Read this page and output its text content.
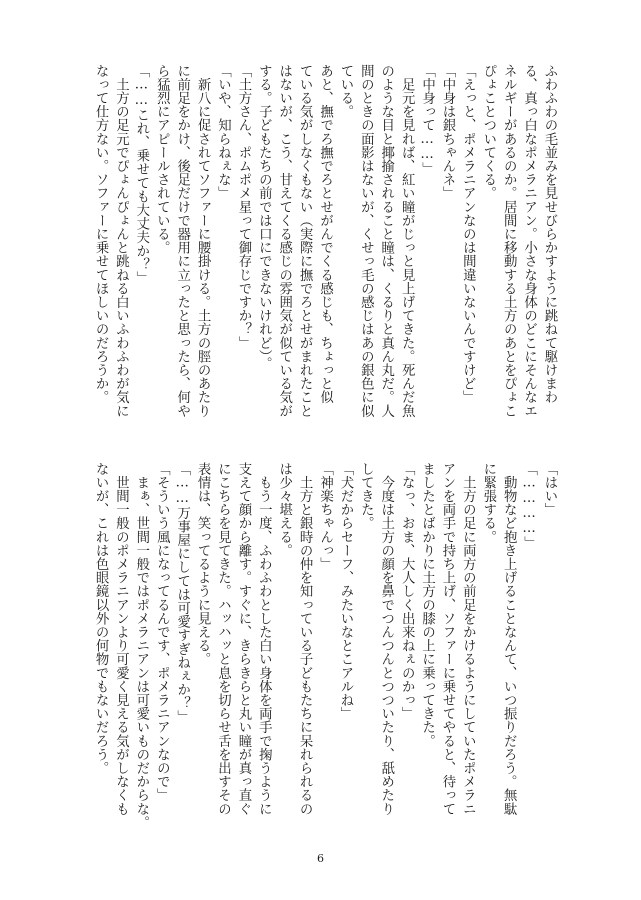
ふわふわの毛並みを見せびらかすように跳ねて駆けまわ
る、真っ白なポメラニアン。小さな身体のどこにそんなエ
ネルギーがあるのか。居間に移動する土方のあとをぴょこ
ぴょことついてくる。
「えっと、ポメラニアンなのは間違いないんですけど」
「中身は銀ちゃんネ」
「中身って……」
　足元を見れば、紅い瞳がじっと見上げてきた。死んだ魚
のような目と揶揄されること瞳は、くるりと真ん丸だ。人
間のときの面影はないが、くせっ毛の感じはあの銀色に似
ている。
あと、撫でろ撫でろとせがんでくる感じも、ちょっと似
ている気がしなくもない（実際に撫でろとせがまれたこと
はないが、こう、甘えてくる感じの雰囲気が似ている気が
する。子どもたちの前では口にできないけれど）。
「土方さん、ポムポメ星って御存じですか？」
「いや、知らねぇな」
　新八に促されてソファーに腰掛ける。土方の脛のあたり
に前足をかけ、後足だけで器用に立ったと思ったら、何や
ら猛烈にアピールされている。
「……これ、乗せても大丈夫か？」
　土方の足元でぴょんぴょんと跳ねる白いふわふわが気に
なって仕方ない。ソファーに乗せてほしいのだろうか。
「はい」
「…………」
　動物など抱き上げることなんて、いつ振りだろう。無駄
に緊張する。
　土方の足に両方の前足をかけるようにしていたポメラニ
アンを両手で持ち上げ、ソファーに乗せてやると、待って
ましたとばかりに土方の膝の上に乗ってきた。
「なっ、おま、大人しく出来ねぇのかっ」
　今度は土方の顔を鼻でつんつんとつついたり、舐めたり
してきた。
「犬だからセーフ、みたいなとこアルね」
「神楽ちゃんっ」
　土方と銀時の仲を知っている子どもたちに呆れられるの
は少々堪える。
　もう一度、ふわふわとした白い身体を両手で掬うように
支えて顔から離す。すぐに、きらきらと丸い瞳が真っ直ぐ
にこちらを見てきた。ハッハッと息を切らせ舌を出すその
表情は、笑ってるように見える。
「……万事屋にしては可愛すぎねぇか？」
「そういう風になってるんです、ポメラニアンなので」
　まぁ、世間一般ではポメラニアンは可愛いものだからな。
　世間一般のポメラニアンより可愛く見える気がしなくも
ないが、これは色眼鏡以外の何物でもないだろう。
6
